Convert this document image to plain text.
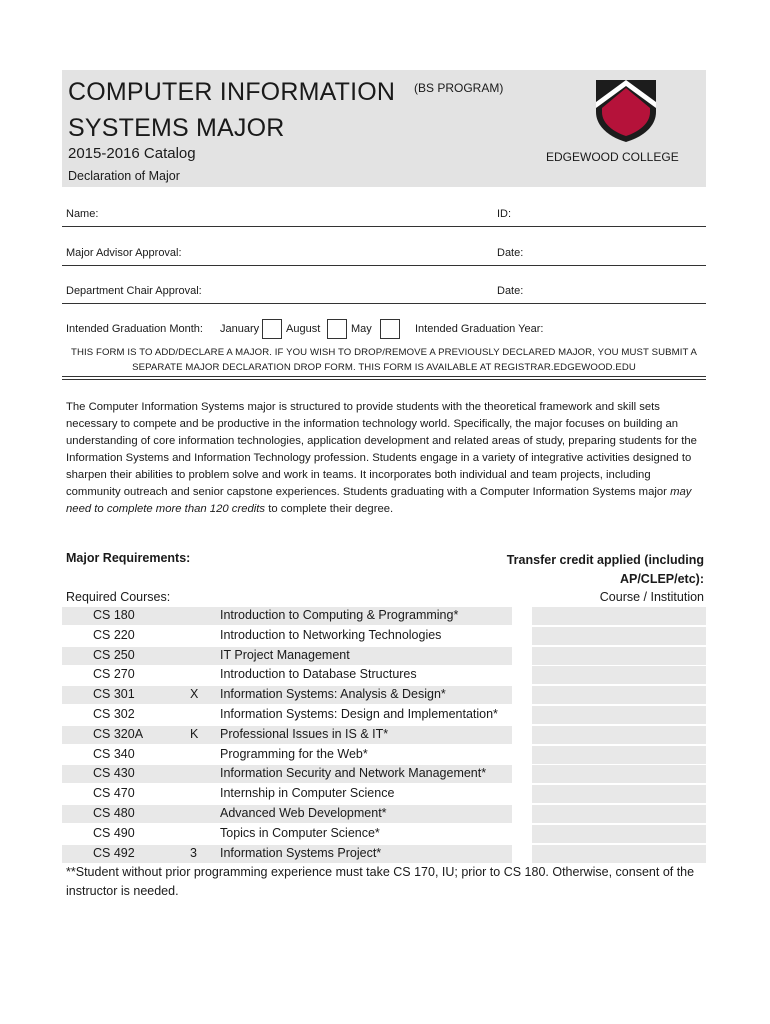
COMPUTER INFORMATION
SYSTEMS MAJOR
(BS PROGRAM)
2015-2016 Catalog
Declaration of Major
EDGEWOOD COLLEGE
Name:	ID:
Major Advisor Approval:	Date:
Department Chair Approval:	Date:
Intended Graduation Month: January August	May	Intended Graduation Year:
THIS FORM IS TO ADD/DECLARE A MAJOR. IF YOU WISH TO DROP/REMOVE A PREVIOUSLY DECLARED MAJOR, YOU MUST SUBMIT A
SEPARATE MAJOR DECLARATION DROP FORM. THIS FORM IS AVAILABLE AT REGISTRAR.EDGEWOOD.EDU
The Computer Information Systems major is structured to provide students with the theoretical framework and skill sets necessary to compete and be productive in the information technology world. Specifically, the major focuses on building an understanding of core information technologies, application development and related areas of study, preparing students for the Information Systems and Information Technology profession. Students engage in a variety of integrative activities designed to sharpen their abilities to problem solve and work in teams. It incorporates both individual and team projects, including community outreach and senior capstone experiences. Students graduating with a Computer Information Systems major may need to complete more than 120 credits to complete their degree.
Major Requirements:	Transfer credit applied (including
AP/CLEP/etc):
Required Courses:	Course / Institution
CS 180	Introduction to Computing & Programming*
CS 220	Introduction to Networking Technologies
CS 250	IT Project Management
CS 270	Introduction to Database Structures
CS 301	X Information Systems: Analysis & Design*
CS 302	Information Systems: Design and Implementation*
CS 320A	K Professional Issues in IS & IT*
CS 340	Programming for the Web*
CS 430	Information Security and Network Management*
CS 470	Internship in Computer Science
CS 480	Advanced Web Development*
CS 490	Topics in Computer Science*
CS 492	3 Information Systems Project*
**Student without prior programming experience must take CS 170, IU; prior to CS 180. Otherwise, consent of the instructor is needed.
